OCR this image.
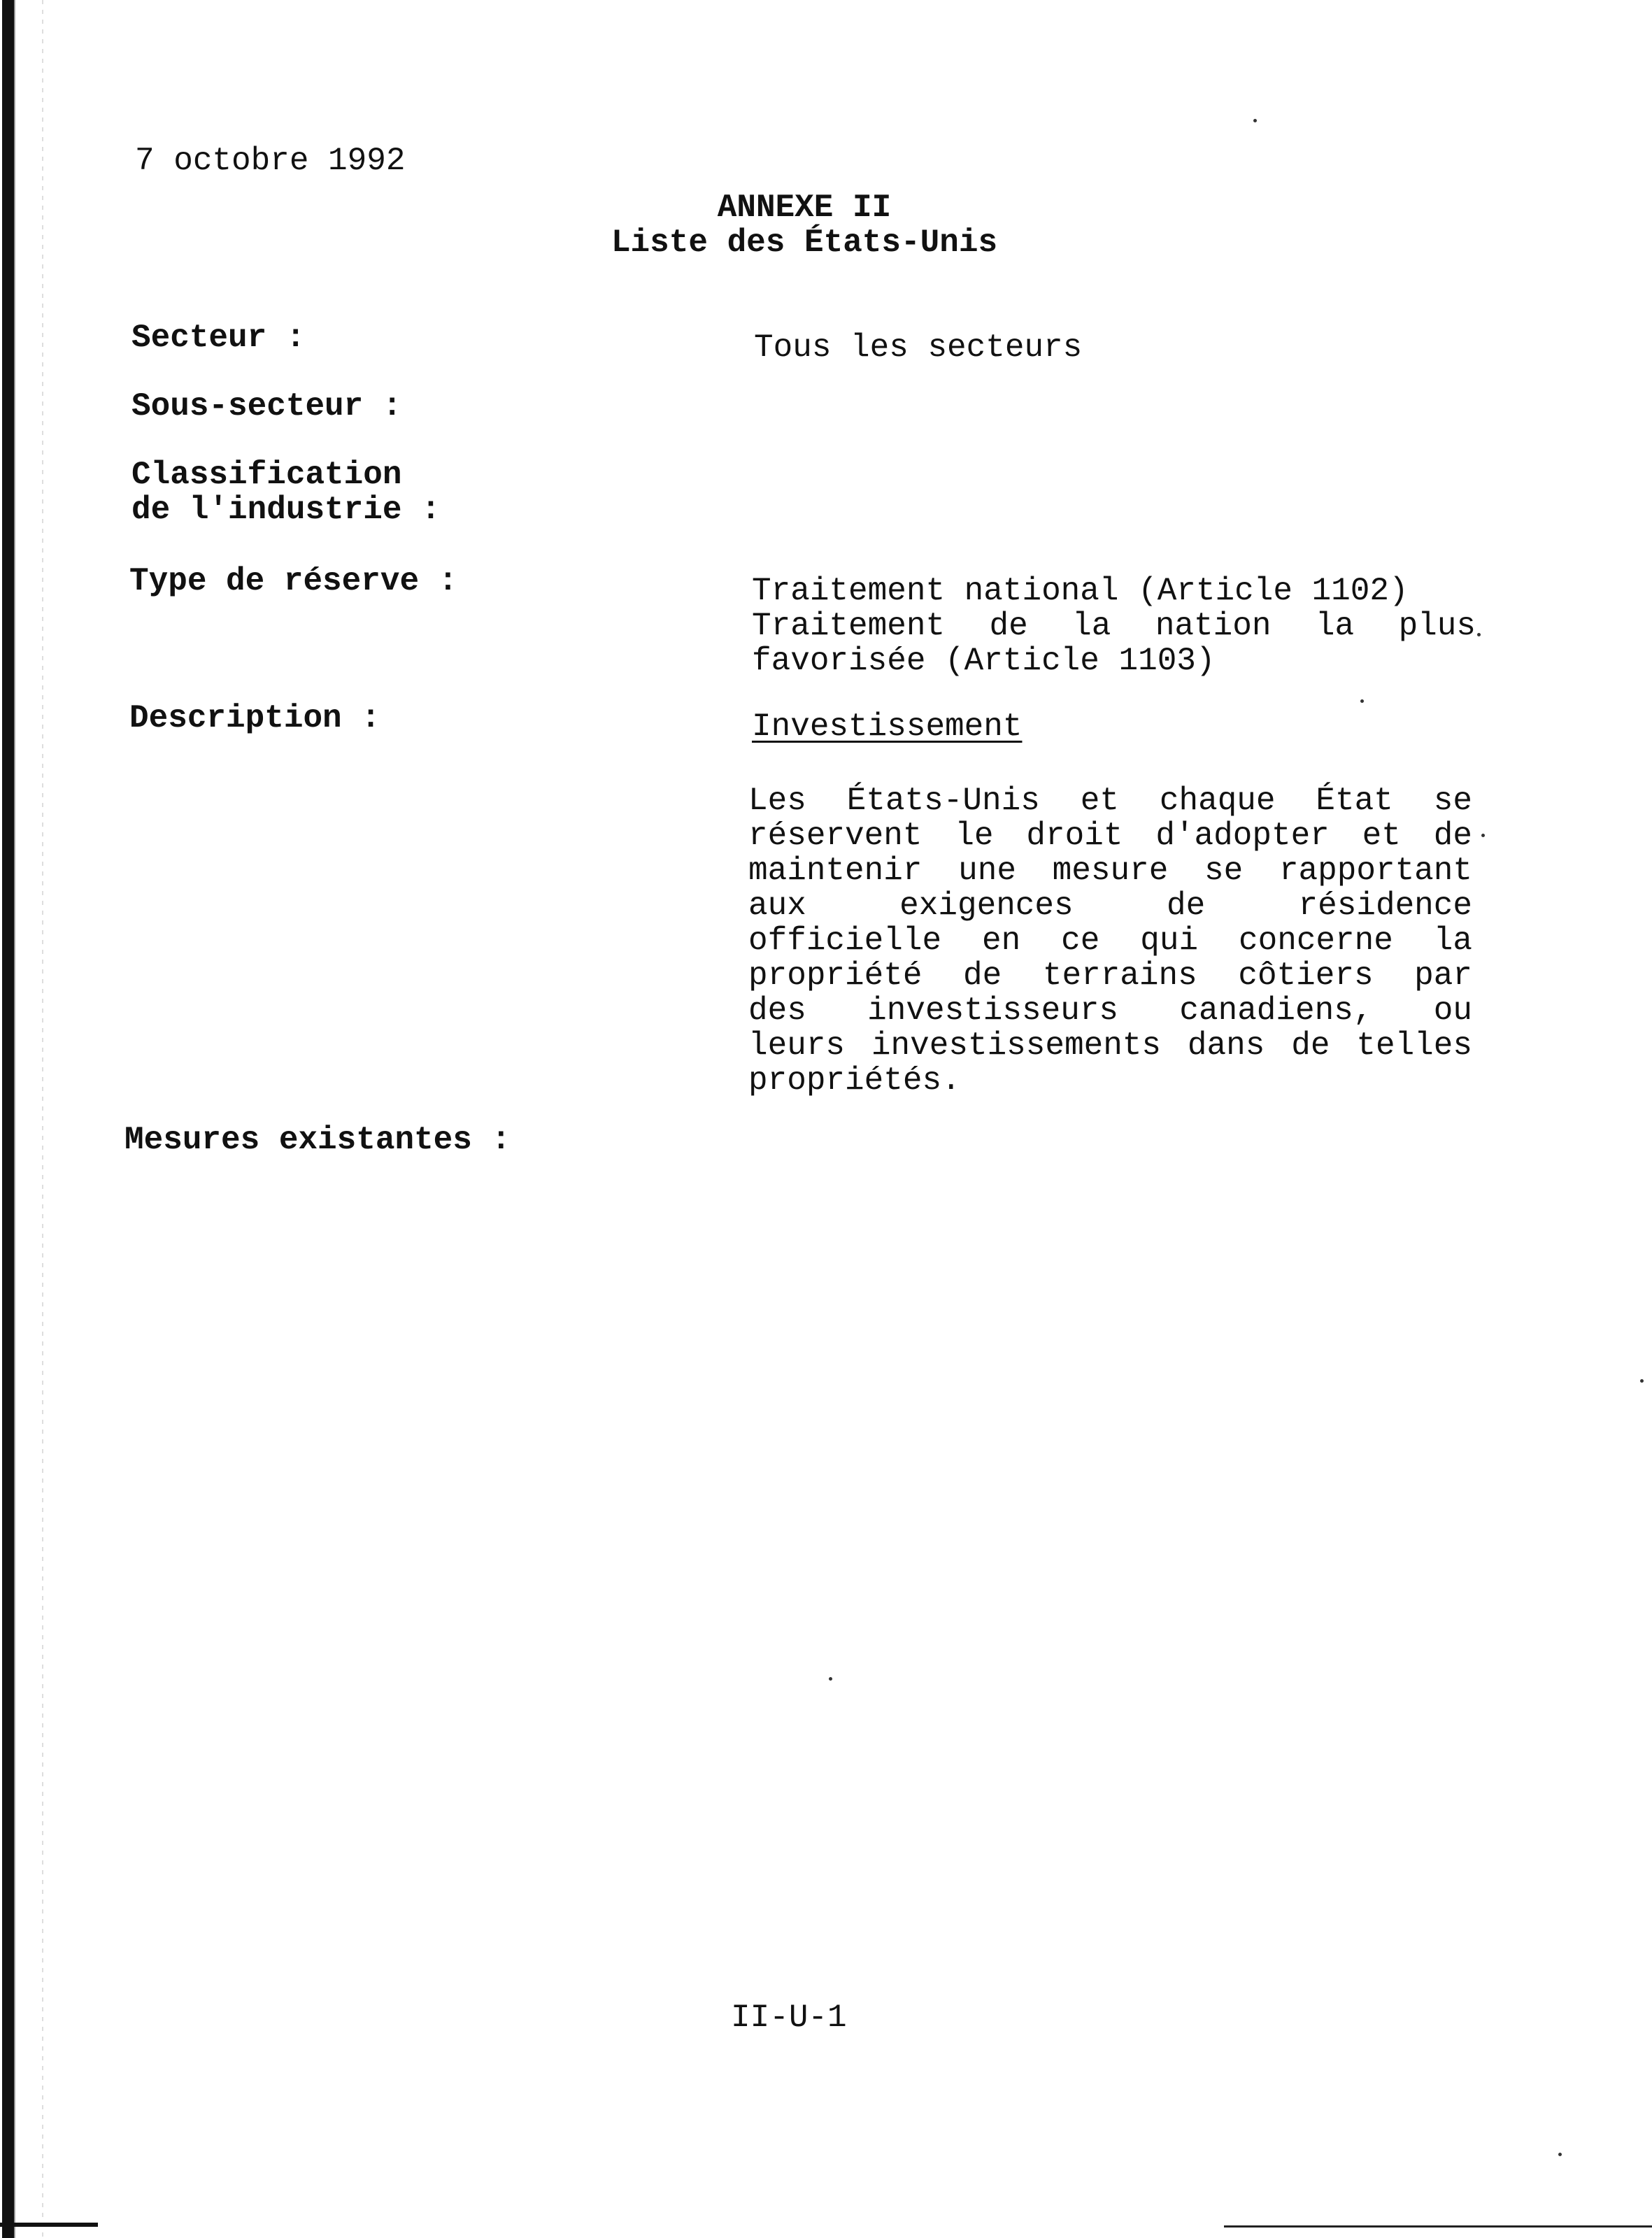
7 octobre 1992
ANNEXE II
Liste des États-Unis
Secteur :	Tous les secteurs
Sous-secteur :
Classification
de l'industrie :
Type de réserve :	Traitement national (Article 1102)
Traitement de la nation la plus
favorisée (Article 1103)
Description :	Investissement
Les États-Unis et chaque État se
réservent le droit d'adopter et de
maintenir une mesure se rapportant
aux exigences de résidence
officielle en ce qui concerne la
propriété de terrains côtiers par
des investisseurs canadiens, ou
leurs investissements dans de telles
propriétés.
Mesures existantes :
II-U-1
